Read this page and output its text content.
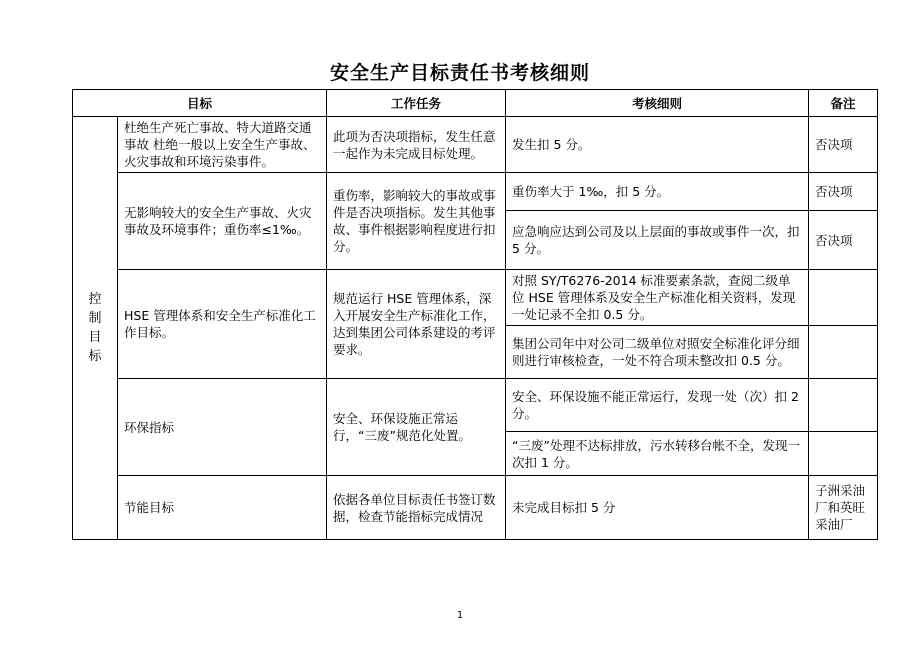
安全生产目标责任书考核细则
目标		工作任务	考核细则	备注
控制目标	杜绝生产死亡事故、特大道路交通事故 杜绝一般以上安全生产事故、火灾事故和环境污染事件。	此项为否决项指标，发生任意一起作为未完成目标处理。	发生扣 5 分。	否决项
	无影响较大的安全生产事故、火灾事故及环境事件；重伤率≤1‰。	重伤率，影响较大的事故或事件是否决项指标。发生其他事故、事件根据影响程度进行扣分。	重伤率大于 1‰，扣 5 分。	否决项
			应急响应达到公司及以上层面的事故或事件一次，扣 5 分。	否决项
	HSE 管理体系和安全生产标准化工作目标。	规范运行 HSE 管理体系，深入开展安全生产标准化工作，达到集团公司体系建设的考评要求。	对照 SY/T6276-2014 标准要素条款，查阅二级单位 HSE 管理体系及安全生产标准化相关资料，发现一处记录不全扣 0.5 分。	
			集团公司年中对公司二级单位对照安全标准化评分细则进行审核检查，一处不符合项未整改扣 0.5 分。	
	环保指标	安全、环保设施正常运行，“三废”规范化处置。	安全、环保设施不能正常运行，发现一处（次）扣 2 分。	
			“三废”处理不达标排放，污水转移台帐不全，发现一次扣 1 分。	
	节能目标	依据各单位目标责任书签订数据，检查节能指标完成情况	未完成目标扣 5 分	子洲采油厂和英旺采油厂
1
